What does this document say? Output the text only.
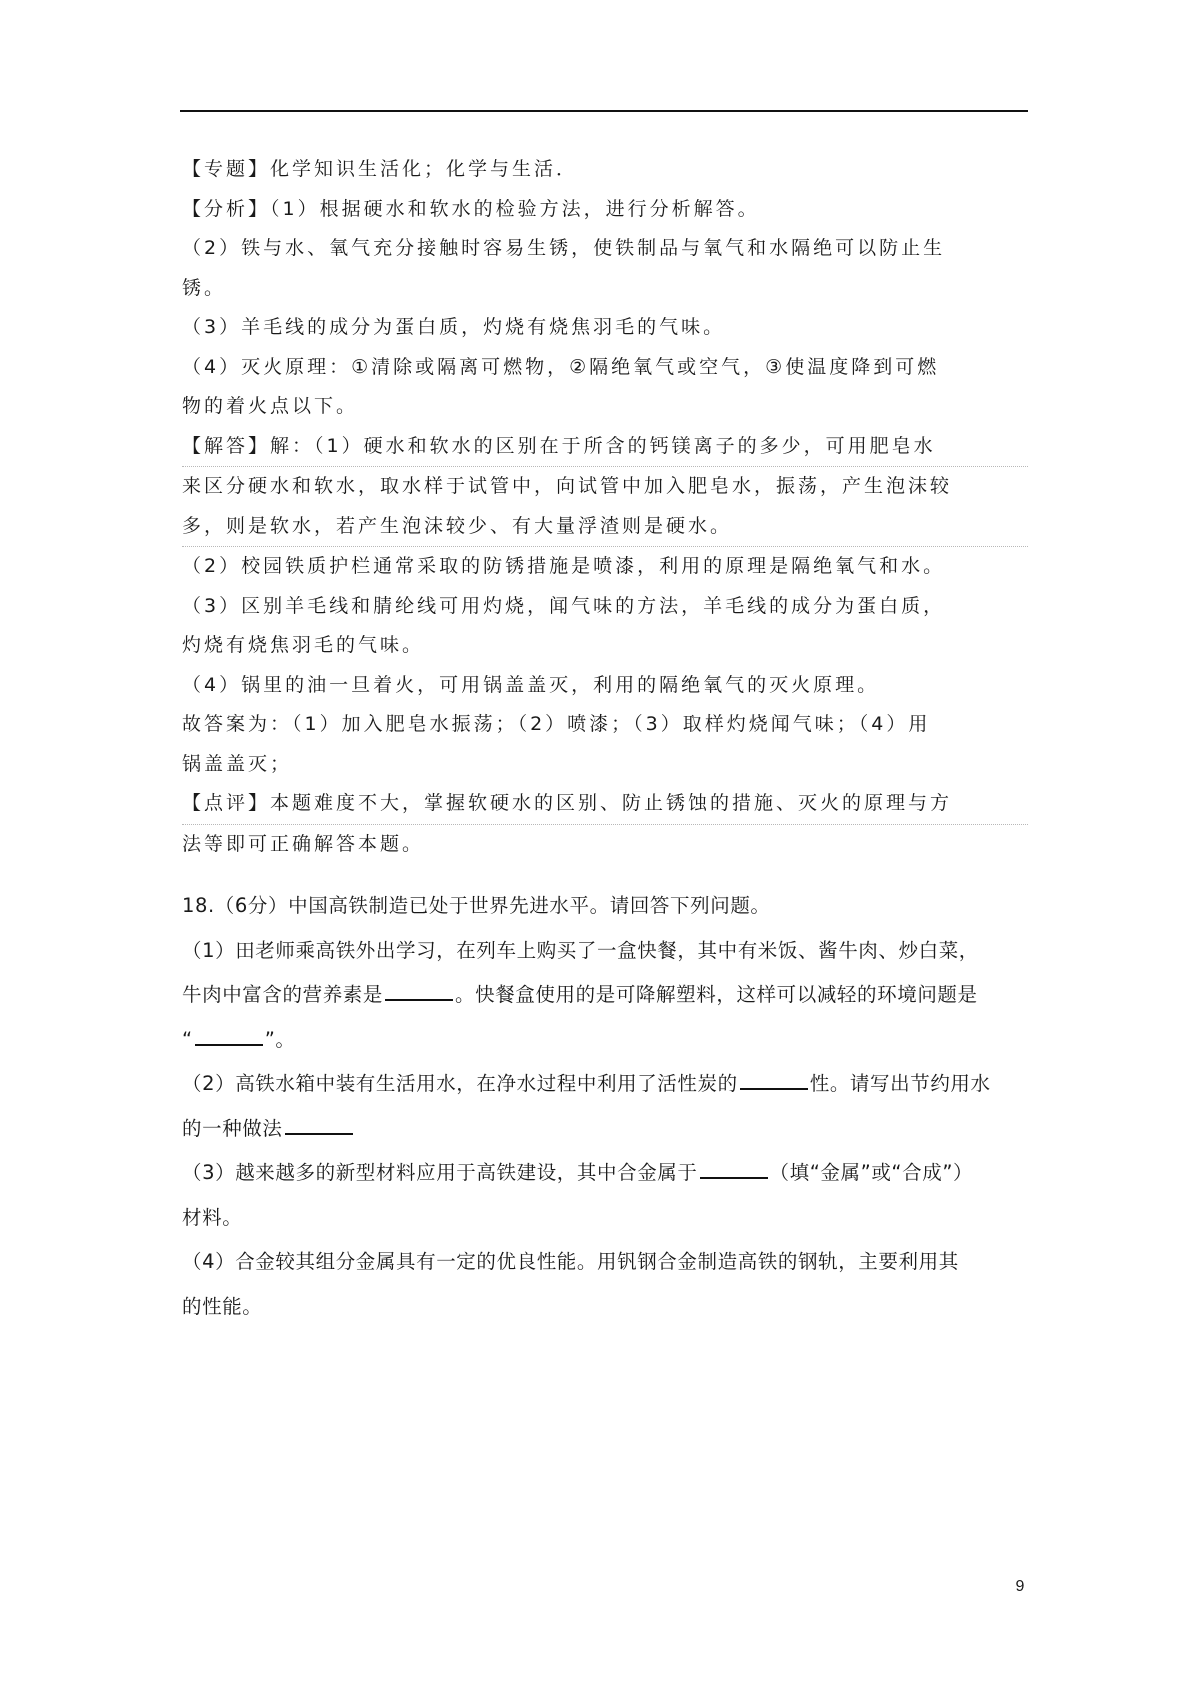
【专题】化学知识生活化；化学与生活．

【分析】（1）根据硬水和软水的检验方法，进行分析解答。

（2）铁与水、氧气充分接触时容易生锈，使铁制品与氧气和水隔绝可以防止生

锈。

（3）羊毛线的成分为蛋白质，灼烧有烧焦羽毛的气味。

（4）灭火原理：①清除或隔离可燃物，②隔绝氧气或空气，③使温度降到可燃

物的着火点以下。

【解答】解：（1）硬水和软水的区别在于所含的钙镁离子的多少，可用肥皂水

来区分硬水和软水，取水样于试管中，向试管中加入肥皂水，振荡，产生泡沫较

多，则是软水，若产生泡沫较少、有大量浮渣则是硬水。

（2）校园铁质护栏通常采取的防锈措施是喷漆，利用的原理是隔绝氧气和水。

（3）区别羊毛线和腈纶线可用灼烧，闻气味的方法，羊毛线的成分为蛋白质，

灼烧有烧焦羽毛的气味。

（4）锅里的油一旦着火，可用锅盖盖灭，利用的隔绝氧气的灭火原理。

故答案为：（1）加入肥皂水振荡；（2）喷漆；（3）取样灼烧闻气味；（4）用

锅盖盖灭；

【点评】本题难度不大，掌握软硬水的区别、防止锈蚀的措施、灭火的原理与方

法等即可正确解答本题。

18.（6分）中国高铁制造已处于世界先进水平。请回答下列问题。

（1）田老师乘高铁外出学习，在列车上购买了一盒快餐，其中有米饭、酱牛肉、炒白菜，

牛肉中富含的营养素是	。快餐盒使用的是可降解塑料，这样可以减轻的环境问题是

“	”。

（2）高铁水箱中装有生活用水，在净水过程中利用了活性炭的	性。请写出节约用水

的一种做法

（3）越来越多的新型材料应用于高铁建设，其中合金属于	（填“金属”或“合成”）

材料。

（4）合金较其组分金属具有一定的优良性能。用钒钢合金制造高铁的钢轨，主要利用其

的性能。

9
